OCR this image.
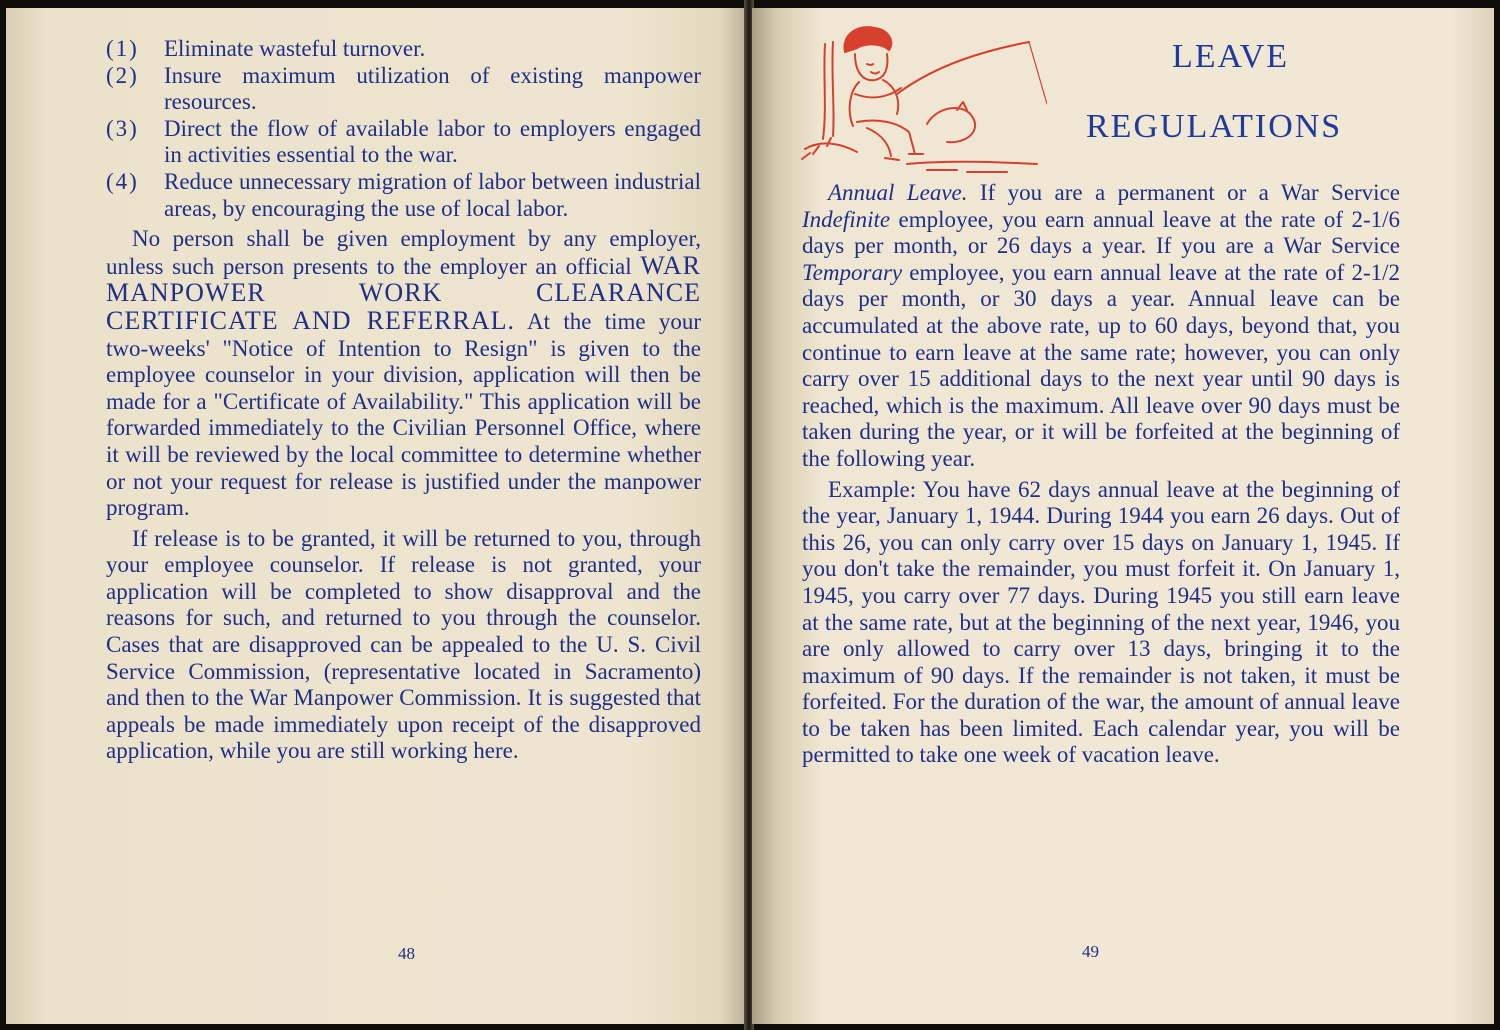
(1)	Eliminate wasteful turnover.
(2)	Insure maximum utilization of existing manpower resources.
(3)	Direct the flow of available labor to employers engaged in activities essential to the war.
(4)	Reduce unnecessary migration of labor between industrial areas, by encouraging the use of local labor.

No person shall be given employment by any employer, unless such person presents to the employer an official WAR MANPOWER WORK CLEARANCE CERTIFICATE AND REFERRAL. At the time your two-weeks' "Notice of Intention to Resign" is given to the employee counselor in your division, application will then be made for a "Certificate of Availability." This application will be forwarded immediately to the Civilian Personnel Office, where it will be reviewed by the local committee to determine whether or not your request for release is justified under the manpower program.

If release is to be granted, it will be returned to you, through your employee counselor. If release is not granted, your application will be completed to show disapproval and the reasons for such, and returned to you through the counselor. Cases that are disapproved can be appealed to the U. S. Civil Service Commission, (representative located in Sacramento) and then to the War Manpower Commission. It is suggested that appeals be made immediately upon receipt of the disapproved application, while you are still working here.

48
LEAVE
REGULATIONS

Annual Leave. If you are a permanent or a War Service Indefinite employee, you earn annual leave at the rate of 2-1/6 days per month, or 26 days a year. If you are a War Service Temporary employee, you earn annual leave at the rate of 2-1/2 days per month, or 30 days a year. Annual leave can be accumulated at the above rate, up to 60 days, beyond that, you continue to earn leave at the same rate; however, you can only carry over 15 additional days to the next year until 90 days is reached, which is the maximum. All leave over 90 days must be taken during the year, or it will be forfeited at the beginning of the following year.

Example: You have 62 days annual leave at the beginning of the year, January 1, 1944. During 1944 you earn 26 days. Out of this 26, you can only carry over 15 days on January 1, 1945. If you don't take the remainder, you must forfeit it. On January 1, 1945, you carry over 77 days. During 1945 you still earn leave at the same rate, but at the beginning of the next year, 1946, you are only allowed to carry over 13 days, bringing it to the maximum of 90 days. If the remainder is not taken, it must be forfeited. For the duration of the war, the amount of annual leave to be taken has been limited. Each calendar year, you will be permitted to take one week of vacation leave.

49
